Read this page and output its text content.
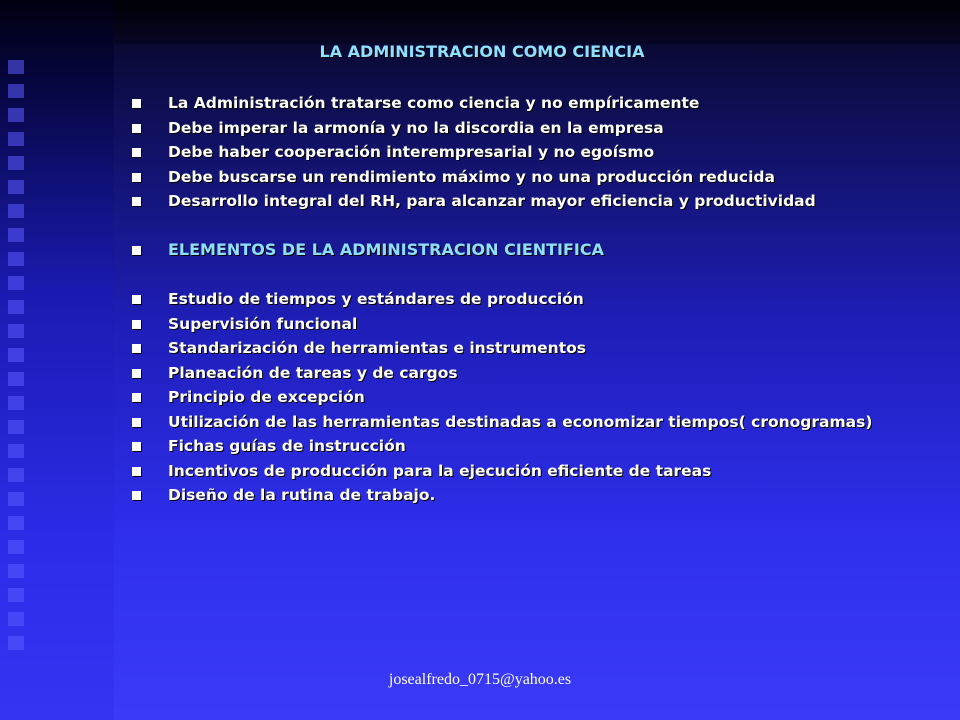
LA ADMINISTRACION COMO CIENCIA
La Administración tratarse como ciencia y no empíricamente
Debe imperar la armonía y no la discordia en la empresa
Debe haber cooperación interempresarial y no egoísmo
Debe buscarse un rendimiento máximo y no una producción reducida
Desarrollo integral del RH, para alcanzar mayor eficiencia y productividad
ELEMENTOS DE LA ADMINISTRACION CIENTIFICA
Estudio de tiempos y estándares de producción
Supervisión funcional
Standarización de herramientas e instrumentos
Planeación de tareas y de cargos
Principio de excepción
Utilización de las herramientas destinadas a economizar tiempos( cronogramas)
Fichas guías de instrucción
Incentivos de producción para la ejecución eficiente de tareas
Diseño de la rutina de trabajo.
josealfredo_0715@yahoo.es
